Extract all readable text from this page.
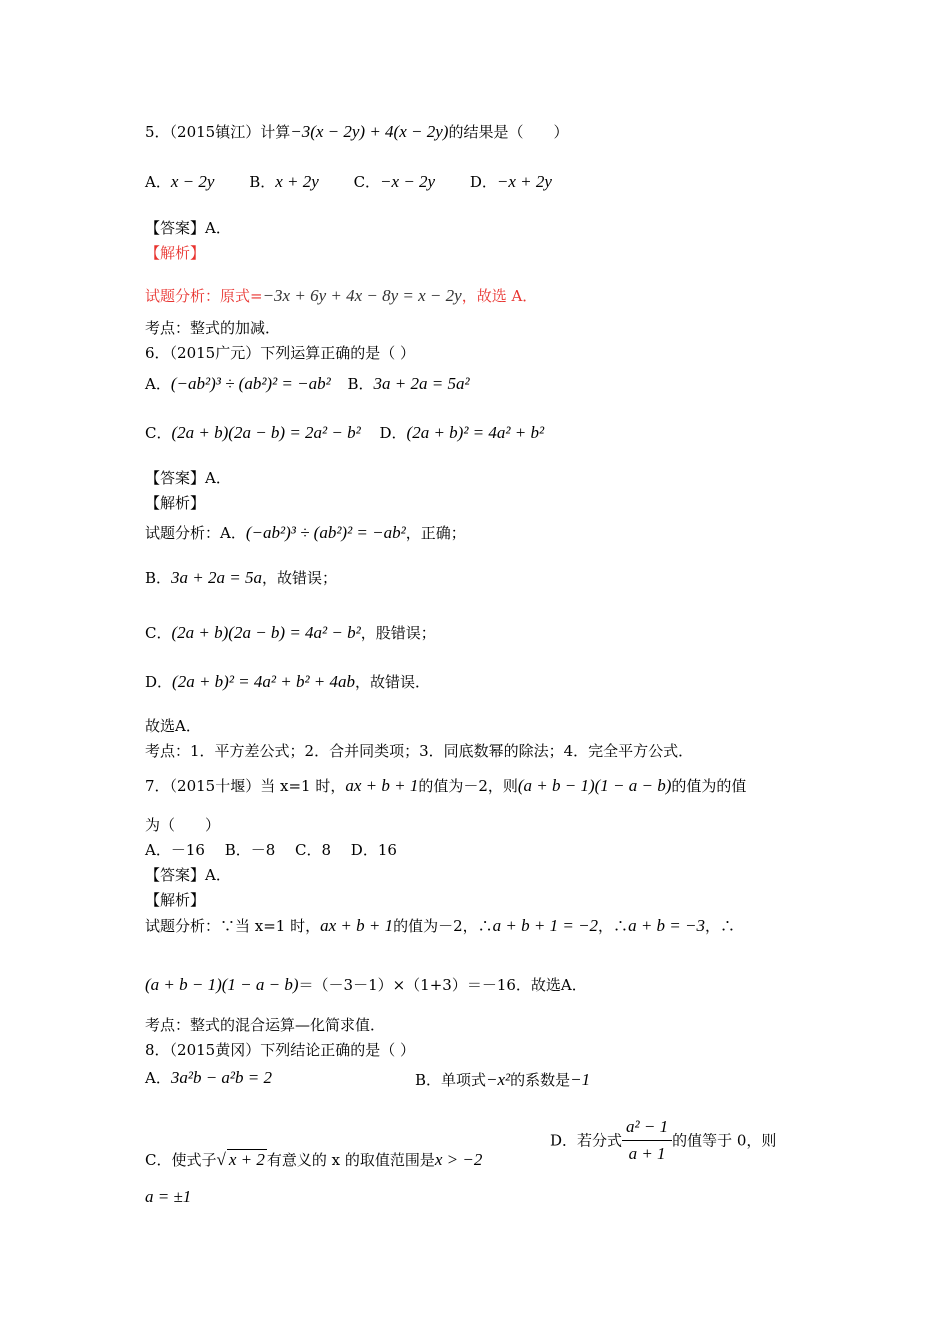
5．（2015镇江）计算−3(x − 2y) + 4(x − 2y)的结果是（　　）
A．x − 2y B．x + 2y C．−x − 2y D．−x + 2y
【答案】A．
【解析】
试题分析：原式=−3x + 6y + 4x − 8y = x − 2y，故选 A．
考点：整式的加减．
6．（2015广元）下列运算正确的是（ ）
A．(−ab²)³ ÷ (ab²)² = −ab² B．3a + 2a = 5a²
C．(2a + b)(2a − b) = 2a² − b² D．(2a + b)² = 4a² + b²
【答案】A．
【解析】
试题分析：A．(−ab²)³ ÷ (ab²)² = −ab²，正确；
B．3a + 2a = 5a，故错误；
C．(2a + b)(2a − b) = 4a² − b²，股错误；
D．(2a + b)² = 4a² + b² + 4ab，故错误．
故选A．
考点：1．平方差公式；2．合并同类项；3．同底数幂的除法；4．完全平方公式．
7．（2015十堰）当 x=1 时，ax + b + 1的值为－2，则(a + b − 1)(1 − a − b)的值为的值
为（　　）
A．－16　 B．－8　 C．8　 D．16
【答案】A．
【解析】
试题分析：∵当 x=1 时，ax + b + 1的值为－2，∴a + b + 1 = −2，∴a + b = −3，∴
(a + b − 1)(1 − a − b)＝（－3－1）×（1+3）＝－16．故选A．
考点：整式的混合运算—化简求值．
8．（2015黄冈）下列结论正确的是（ ）
A．3a²b − a²b = 2	B．单项式−x²的系数是−1
C．使式子√ x + 2 有意义的 x 的取值范围是x > −2
D．若分式 $\frac{\text{a² − 1}}{a + 1}$ 的值等于 0，则
a = ±1
